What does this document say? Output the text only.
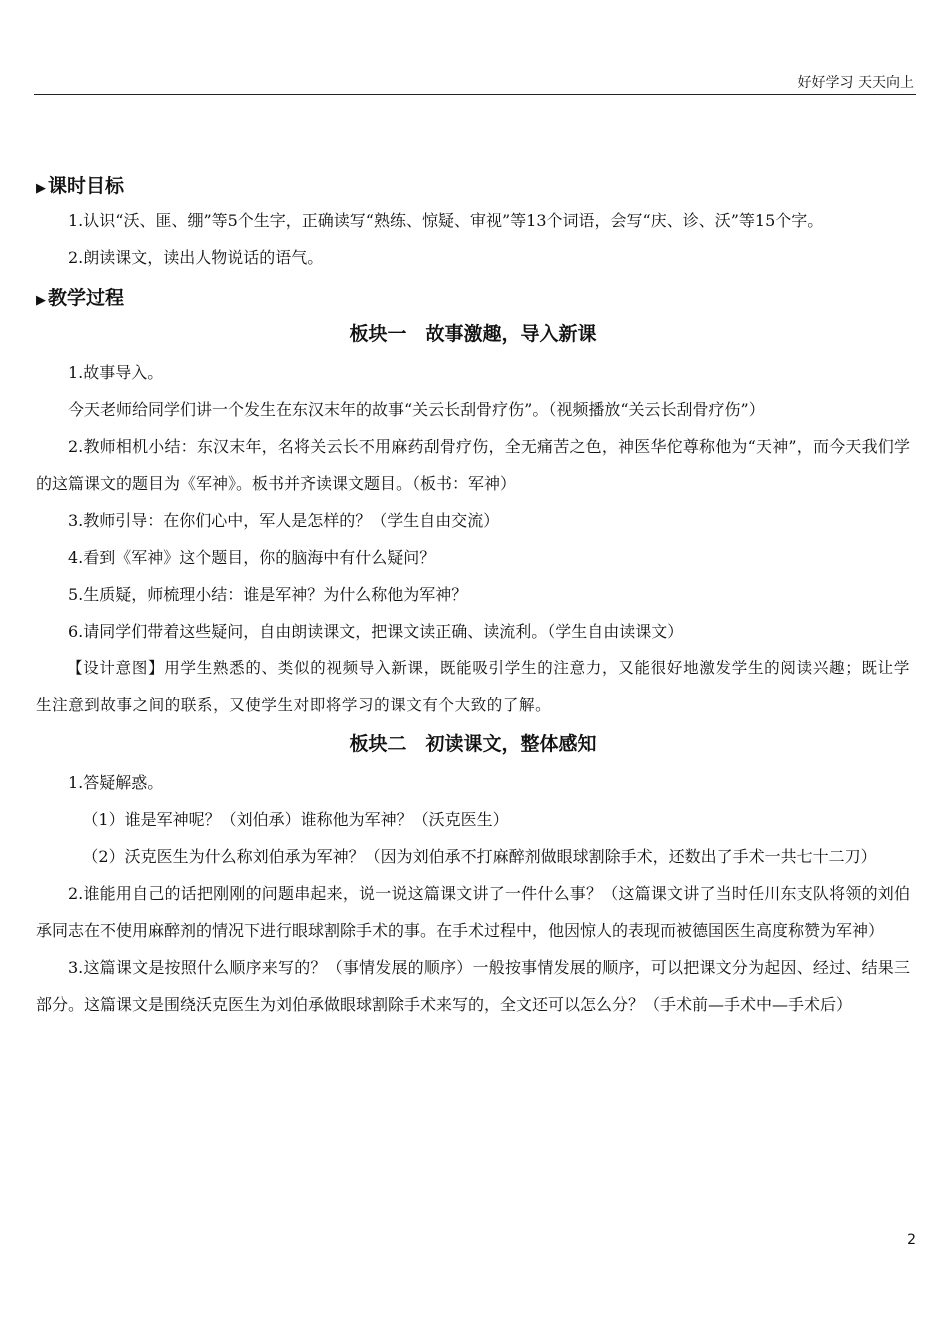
好好学习 天天向上
▶ 课时目标

1.认识“沃、匪、绷”等5个生字，正确读写“熟练、惊疑、审视”等13个词语，会写“庆、诊、沃”等15个字。

2.朗读课文，读出人物说话的语气。

▶ 教学过程
板块一　故事激趣，导入新课

1.故事导入。

今天老师给同学们讲一个发生在东汉末年的故事“关云长刮骨疗伤”。（视频播放“关云长刮骨疗伤”）

2.教师相机小结：东汉末年，名将关云长不用麻药刮骨疗伤，全无痛苦之色，神医华佗尊称他为“天神”，而今天我们学的这篇课文的题目为《军神》。板书并齐读课文题目。（板书：军神）

3.教师引导：在你们心中，军人是怎样的？（学生自由交流）

4.看到《军神》这个题目，你的脑海中有什么疑问？

5.生质疑，师梳理小结：谁是军神？为什么称他为军神？

6.请同学们带着这些疑问，自由朗读课文，把课文读正确、读流利。（学生自由读课文）

【设计意图】用学生熟悉的、类似的视频导入新课，既能吸引学生的注意力，又能很好地激发学生的阅读兴趣；既让学生注意到故事之间的联系，又使学生对即将学习的课文有个大致的了解。

板块二　初读课文，整体感知

1.答疑解惑。

（1）谁是军神呢？（刘伯承）谁称他为军神？（沃克医生）

（2）沃克医生为什么称刘伯承为军神？（因为刘伯承不打麻醉剂做眼球割除手术，还数出了手术一共七十二刀）

2.谁能用自己的话把刚刚的问题串起来，说一说这篇课文讲了一件什么事？（这篇课文讲了当时任川东支队将领的刘伯承同志在不使用麻醉剂的情况下进行眼球割除手术的事。在手术过程中，他因惊人的表现而被德国医生高度称赞为军神）

3.这篇课文是按照什么顺序来写的？（事情发展的顺序）一般按事情发展的顺序，可以把课文分为起因、经过、结果三部分。这篇课文是围绕沃克医生为刘伯承做眼球割除手术来写的，全文还可以怎么分？（手术前—手术中—手术后）

2
